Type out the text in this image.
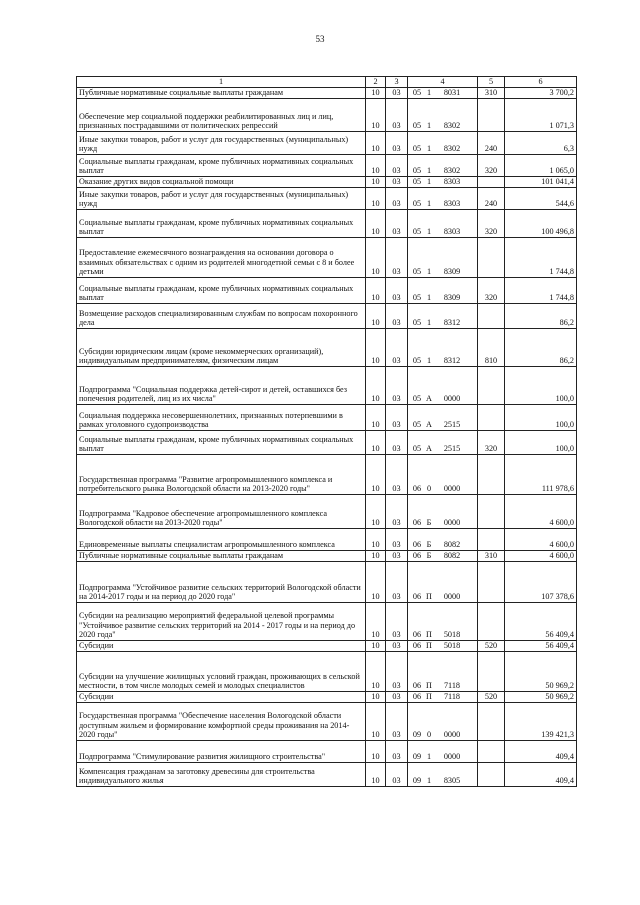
53
1	2	3	4	5	6
Публичные нормативные социальные выплаты гражданам	10	03	05 1 8031	310	3 700,2
Обеспечение мер социальной поддержки реабилитированных лиц и лиц, признанных пострадавшими от политических репрессий	10	03	05 1 8302		1 071,3
Иные закупки товаров, работ и услуг для государственных (муниципальных) нужд	10	03	05 1 8302	240	6,3
Социальные выплаты гражданам, кроме публичных нормативных социальных выплат	10	03	05 1 8302	320	1 065,0
Оказание других видов социальной помощи	10	03	05 1 8303		101 041,4
Иные закупки товаров, работ и услуг для государственных (муниципальных) нужд	10	03	05 1 8303	240	544,6
Социальные выплаты гражданам, кроме публичных нормативных социальных выплат	10	03	05 1 8303	320	100 496,8
Предоставление ежемесячного вознаграждения на основании договора о взаимных обязательствах с одним из родителей многодетной семьи с 8 и более детьми	10	03	05 1 8309		1 744,8
Социальные выплаты гражданам, кроме публичных нормативных социальных выплат	10	03	05 1 8309	320	1 744,8
Возмещение расходов специализированным службам по вопросам похоронного дела	10	03	05 1 8312		86,2
Субсидии юридическим лицам (кроме некоммерческих организаций), индивидуальным предпринимателям, физическим лицам	10	03	05 1 8312	810	86,2
Подпрограмма "Социальная поддержка детей-сирот и детей, оставшихся без попечения родителей, лиц из их числа"	10	03	05 А 0000		100,0
Социальная поддержка несовершеннолетних, признанных потерпевшими в рамках уголовного судопроизводства	10	03	05 А 2515		100,0
Социальные выплаты гражданам, кроме публичных нормативных социальных выплат	10	03	05 А 2515	320	100,0
Государственная программа "Развитие агропромышленного комплекса и потребительского рынка Вологодской области на 2013-2020 годы"	10	03	06 0 0000		111 978,6
Подпрограмма "Кадровое обеспечение агропромышленного комплекса Вологодской области на 2013-2020 годы"	10	03	06 Б 0000		4 600,0
Единовременные выплаты специалистам агропромышленного комплекса	10	03	06 Б 8082		4 600,0
Публичные нормативные социальные выплаты гражданам	10	03	06 Б 8082	310	4 600,0
Подпрограмма "Устойчивое развитие сельских территорий Вологодской области на 2014-2017 годы и на период до 2020 года"	10	03	06 П 0000		107 378,6
Субсидии на реализацию мероприятий федеральной целевой программы "Устойчивое развитие сельских территорий на 2014 - 2017 годы и на период до 2020 года"	10	03	06 П 5018		56 409,4
Субсидии	10	03	06 П 5018	520	56 409,4
Субсидии на улучшение жилищных условий граждан, проживающих в сельской местности, в том числе молодых семей и молодых специалистов	10	03	06 П 7118		50 969,2
Субсидии	10	03	06 П 7118	520	50 969,2
Государственная программа "Обеспечение населения Вологодской области доступным жильем и формирование комфортной среды проживания на 2014-2020 годы"	10	03	09 0 0000		139 421,3
Подпрограмма "Стимулирование развития жилищного строительства"	10	03	09 1 0000		409,4
Компенсация гражданам за заготовку древесины для строительства индивидуального жилья	10	03	09 1 8305		409,4
